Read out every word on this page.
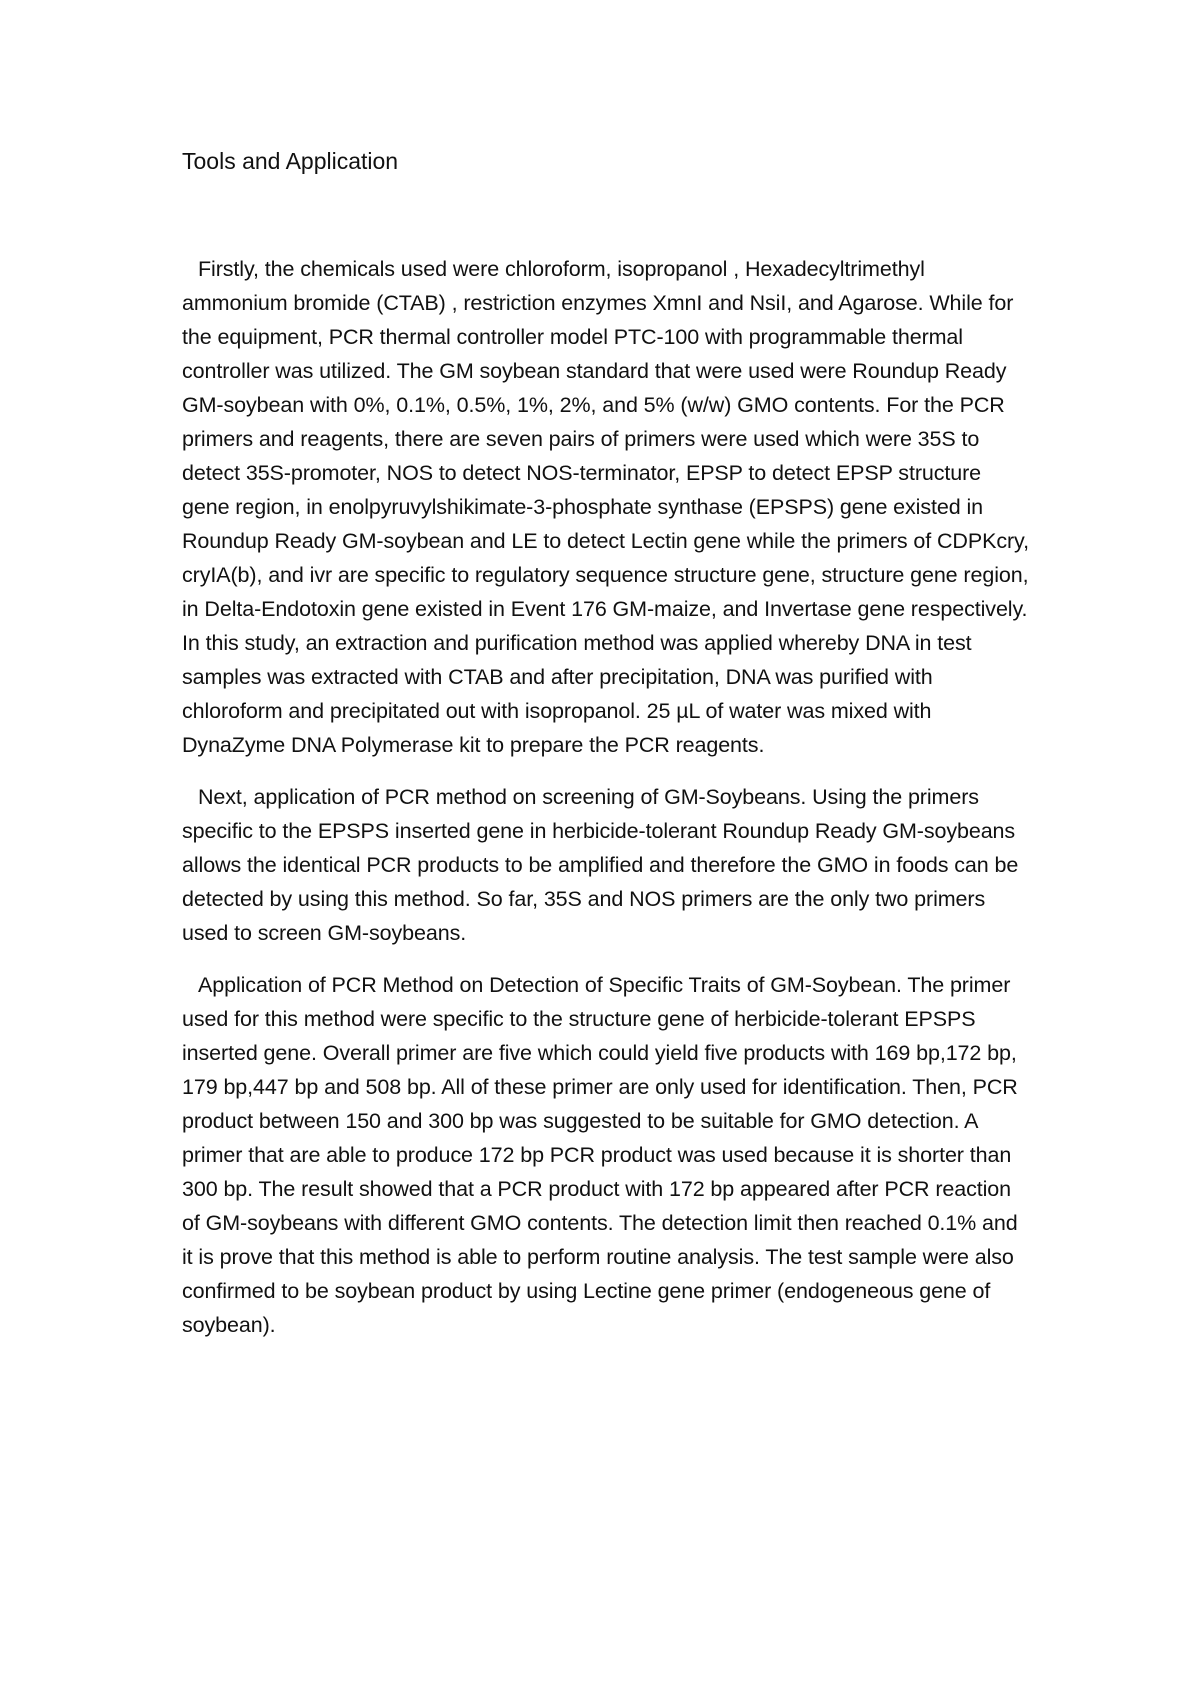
Tools and Application

Firstly, the chemicals used were chloroform, isopropanol , Hexadecyltrimethyl ammonium bromide (CTAB) , restriction enzymes XmnI and NsiI, and Agarose. While for the equipment, PCR thermal controller model PTC-100 with programmable thermal controller was utilized. The GM soybean standard that were used were Roundup Ready GM-soybean with 0%, 0.1%, 0.5%, 1%, 2%, and 5% (w/w) GMO contents. For the PCR primers and reagents, there are seven pairs of primers were used which were 35S to detect 35S-promoter, NOS to detect NOS-terminator, EPSP to detect EPSP structure gene region, in enolpyruvylshikimate-3-phosphate synthase (EPSPS) gene existed in Roundup Ready GM-soybean and LE to detect Lectin gene while the primers of CDPKcry, cryIA(b), and ivr are specific to regulatory sequence structure gene, structure gene region, in Delta-Endotoxin gene existed in Event 176 GM-maize, and Invertase gene respectively. In this study, an extraction and purification method was applied whereby DNA in test samples was extracted with CTAB and after precipitation, DNA was purified with chloroform and precipitated out with isopropanol. 25 µL of water was mixed with DynaZyme DNA Polymerase kit to prepare the PCR reagents.

Next, application of PCR method on screening of GM-Soybeans. Using the primers specific to the EPSPS inserted gene in herbicide-tolerant Roundup Ready GM-soybeans allows the identical PCR products to be amplified and therefore the GMO in foods can be detected by using this method. So far, 35S and NOS primers are the only two primers used to screen GM-soybeans.

Application of PCR Method on Detection of Specific Traits of GM-Soybean. The primer used for this method were specific to the structure gene of herbicide-tolerant EPSPS inserted gene. Overall primer are five which could yield five products with 169 bp,172 bp, 179 bp,447 bp and 508 bp. All of these primer are only used for identification. Then, PCR product between 150 and 300 bp was suggested to be suitable for GMO detection. A primer that are able to produce 172 bp PCR product was used because it is shorter than 300 bp. The result showed that a PCR product with 172 bp appeared after PCR reaction of GM-soybeans with different GMO contents. The detection limit then reached 0.1% and it is prove that this method is able to perform routine analysis. The test sample were also confirmed to be soybean product by using Lectine gene primer (endogeneous gene of soybean).
